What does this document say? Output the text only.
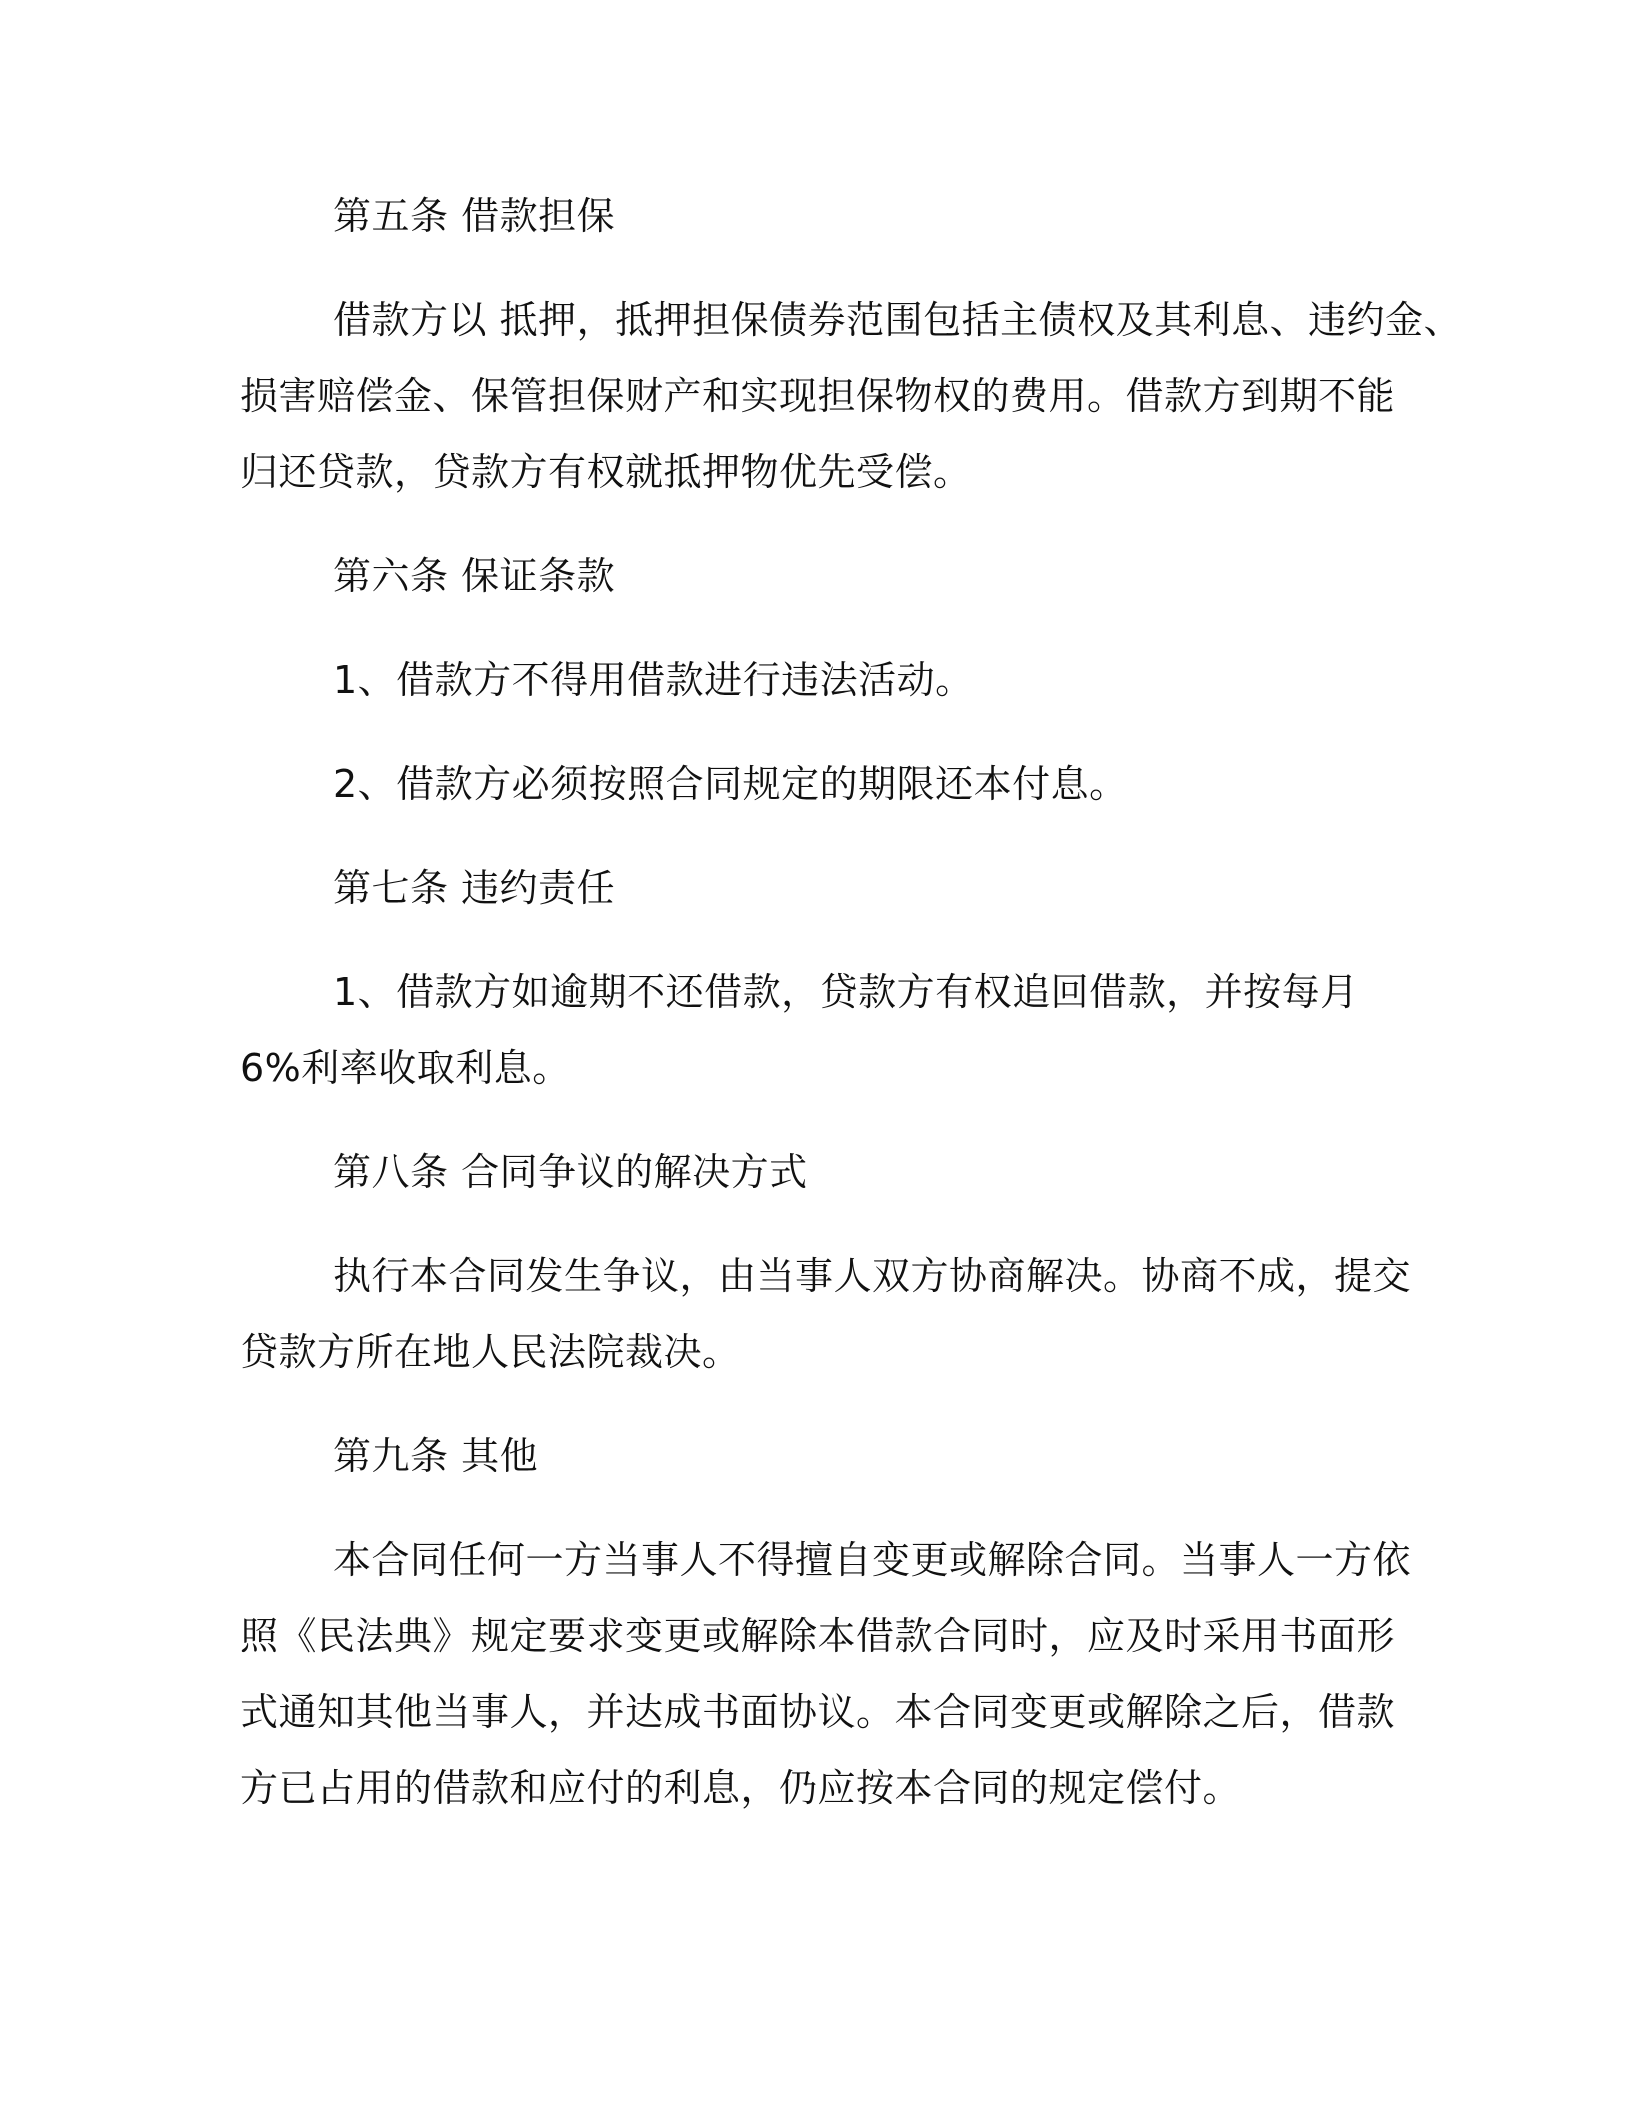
第五条 借款担保
借款方以 抵押，抵押担保债券范围包括主债权及其利息、违约金、
损害赔偿金、保管担保财产和实现担保物权的费用。借款方到期不能
归还贷款，贷款方有权就抵押物优先受偿。
第六条 保证条款
1、借款方不得用借款进行违法活动。
2、借款方必须按照合同规定的期限还本付息。
第七条 违约责任
1、借款方如逾期不还借款，贷款方有权追回借款，并按每月
6%利率收取利息。
第八条 合同争议的解决方式
执行本合同发生争议，由当事人双方协商解决。协商不成，提交
贷款方所在地人民法院裁决。
第九条 其他
本合同任何一方当事人不得擅自变更或解除合同。当事人一方依
照《民法典》规定要求变更或解除本借款合同时，应及时采用书面形
式通知其他当事人，并达成书面协议。本合同变更或解除之后，借款
方已占用的借款和应付的利息，仍应按本合同的规定偿付。
